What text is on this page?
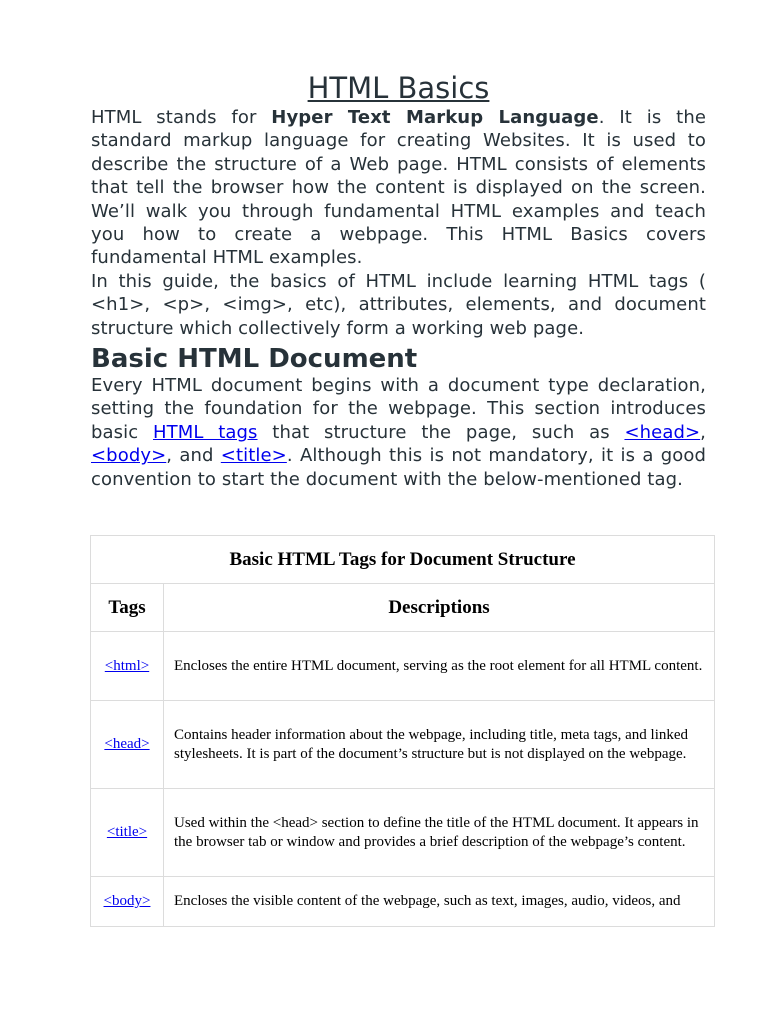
HTML Basics

HTML stands for Hyper Text Markup Language. It is the standard markup language for creating Websites. It is used to describe the structure of a Web page. HTML consists of elements that tell the browser how the content is displayed on the screen. We’ll walk you through fundamental HTML examples and teach you how to create a webpage. This HTML Basics covers fundamental HTML examples.

In this guide, the basics of HTML include learning HTML tags ( <h1>, <p>, <img>, etc), attributes, elements, and document structure which collectively form a working web page.

Basic HTML Document

Every HTML document begins with a document type declaration, setting the foundation for the webpage. This section introduces basic HTML tags that structure the page, such as <head>, <body>, and <title>. Although this is not mandatory, it is a good convention to start the document with the below-mentioned tag.

Basic HTML Tags for Document Structure	
Tags	Descriptions
<html>	Encloses the entire HTML document, serving as the root element for all HTML content.
<head>	Contains header information about the webpage, including title, meta tags, and linked stylesheets. It is part of the document’s structure but is not displayed on the webpage.
<title>	Used within the <head> section to define the title of the HTML document. It appears in the browser tab or window and provides a brief description of the webpage’s content.
<body>	Encloses the visible content of the webpage, such as text, images, audio, videos, and
